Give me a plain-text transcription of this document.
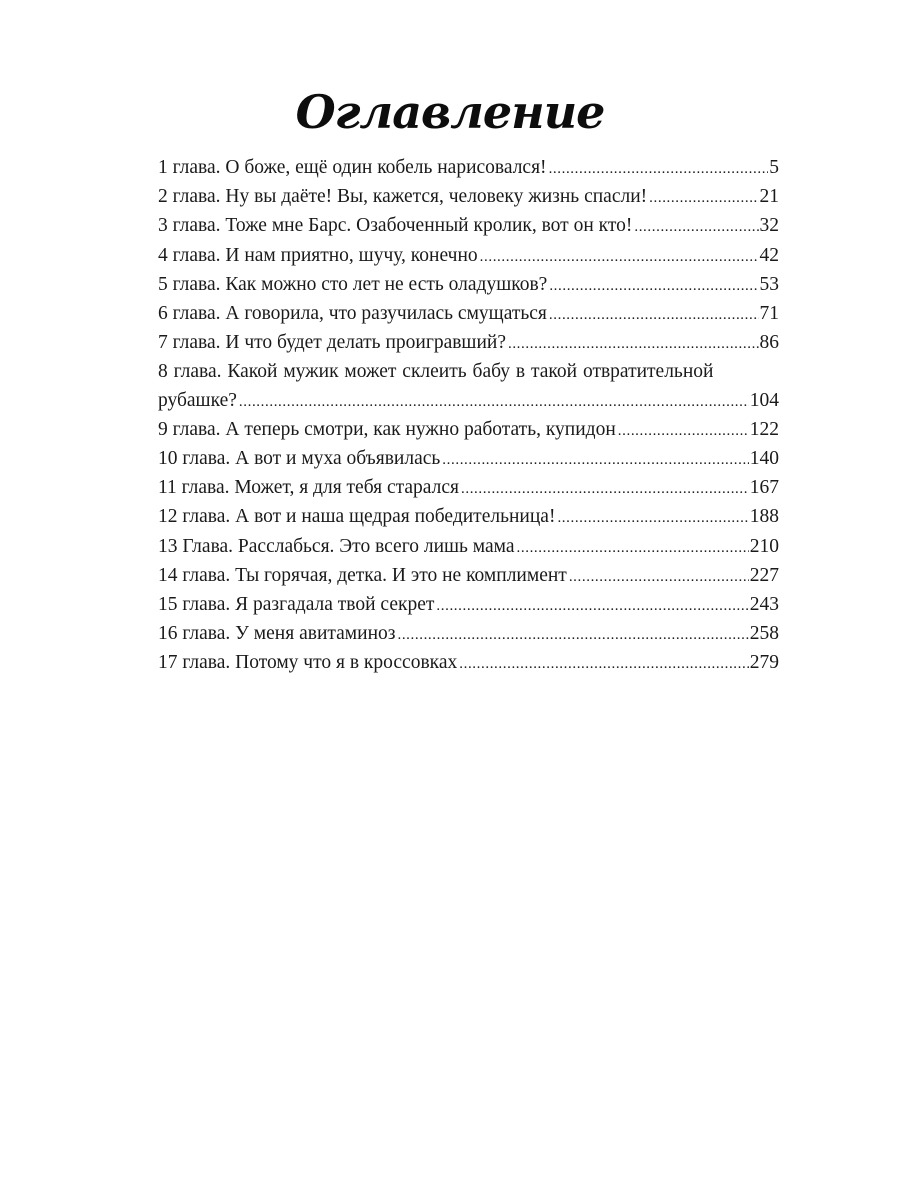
Оглавление
1 глава. О боже, ещё один кобель нарисовался! .....	5
2 глава. Ну вы даёте! Вы, кажется, человеку жизнь спасли! .....	21
3 глава. Тоже мне Барс. Озабоченный кролик, вот он кто! .....	32
4 глава. И нам приятно, шучу, конечно .....	42
5 глава. Как можно сто лет не есть оладушков? .....	53
6 глава. А говорила, что разучилась смущаться .....	71
7 глава. И что будет делать проигравший? .....	86
8 глава. Какой мужик может склеить бабу в такой отвратительной
рубашке? .....	104
9 глава. А теперь смотри, как нужно работать, купидон .....	122
10 глава. А вот и муха объявилась .....	140
11 глава. Может, я для тебя старался .....	167
12 глава. А вот и наша щедрая победительница! .....	188
13 Глава. Расслабься. Это всего лишь мама .....	210
14 глава. Ты горячая, детка. И это не комплимент .....	227
15 глава. Я разгадала твой секрет .....	243
16 глава. У меня авитаминоз .....	258
17 глава. Потому что я в кроссовках .....	279
